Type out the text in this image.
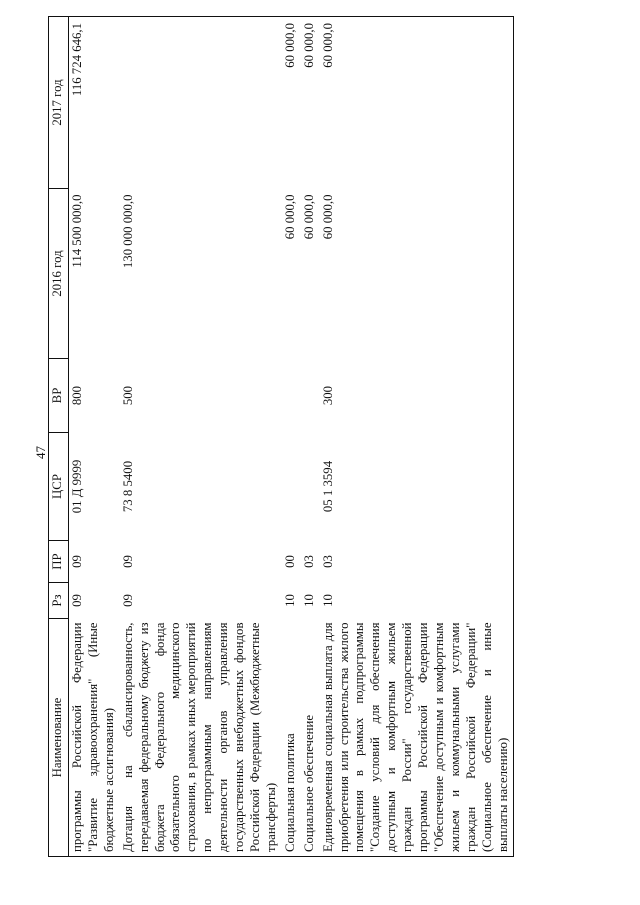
47
Наименование	Рз	ПР	ЦСР	ВР	2016 год	2017 год
программы Российской Федерации "Развитие здравоохранения" (Иные бюджетные ассигнования)	09	09	01 Д 9999	800	114 500 000,0	116 724 646,1
Дотация на сбалансированность, передаваемая федеральному бюджету из бюджета Федерального фонда обязательного медицинского страхования, в рамках иных мероприятий по непрограммным направлениям деятельности органов управления государственных внебюджетных фондов Российской Федерации (Межбюджетные трансферты)	09	09	73 8 5400	500	130 000 000,0	
Социальная политика	10	00			60 000,0	60 000,0
Социальное обеспечение	10	03			60 000,0	60 000,0
Единовременная социальная выплата для приобретения или строительства жилого помещения в рамках подпрограммы "Создание условий для обеспечения доступным и комфортным жильем граждан России" государственной программы Российской Федерации "Обеспечение доступным и комфортным жильем и коммунальными услугами граждан Российской Федерации" (Социальное обеспечение и иные выплаты населению)	10	03	05 1 3594	300	60 000,0	60 000,0
